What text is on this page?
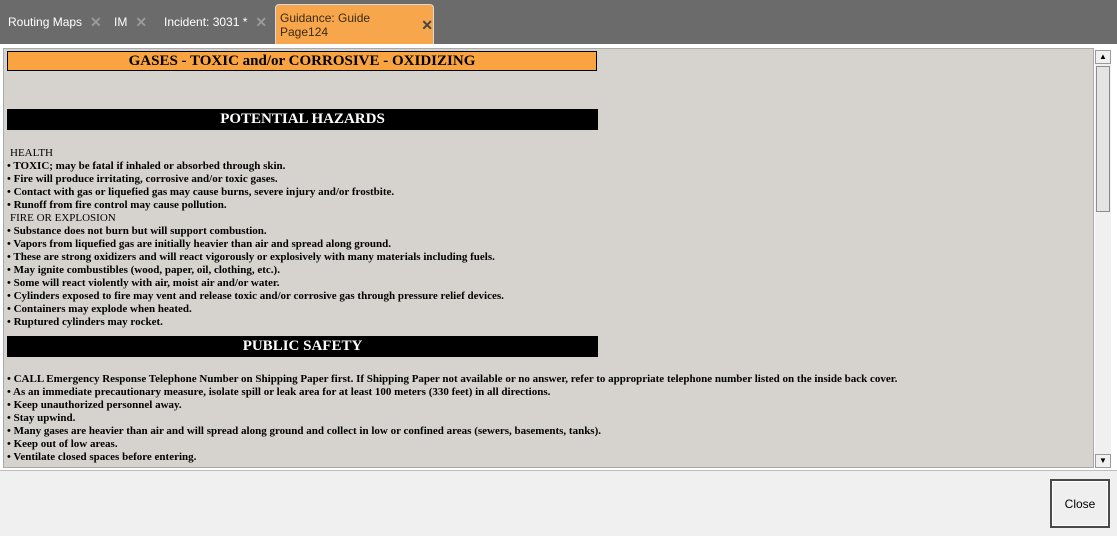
Routing Maps ✕ IM ✕ Incident: 3031 * ✕ Guidance: Guide Page124	✕
GASES - TOXIC and/or CORROSIVE - OXIDIZING
POTENTIAL HAZARDS
HEALTH
• TOXIC; may be fatal if inhaled or absorbed through skin.
• Fire will produce irritating, corrosive and/or toxic gases.
• Contact with gas or liquefied gas may cause burns, severe injury and/or frostbite.
• Runoff from fire control may cause pollution.
FIRE OR EXPLOSION
• Substance does not burn but will support combustion.
• Vapors from liquefied gas are initially heavier than air and spread along ground.
• These are strong oxidizers and will react vigorously or explosively with many materials including fuels.
• May ignite combustibles (wood, paper, oil, clothing, etc.).
• Some will react violently with air, moist air and/or water.
• Cylinders exposed to fire may vent and release toxic and/or corrosive gas through pressure relief devices.
• Containers may explode when heated.
• Ruptured cylinders may rocket.
PUBLIC SAFETY
• CALL Emergency Response Telephone Number on Shipping Paper first. If Shipping Paper not available or no answer, refer to appropriate telephone number listed on the inside back cover.
• As an immediate precautionary measure, isolate spill or leak area for at least 100 meters (330 feet) in all directions.
• Keep unauthorized personnel away.
• Stay upwind.
• Many gases are heavier than air and will spread along ground and collect in low or confined areas (sewers, basements, tanks).
• Keep out of low areas.
• Ventilate closed spaces before entering.
▲
▼
Close
